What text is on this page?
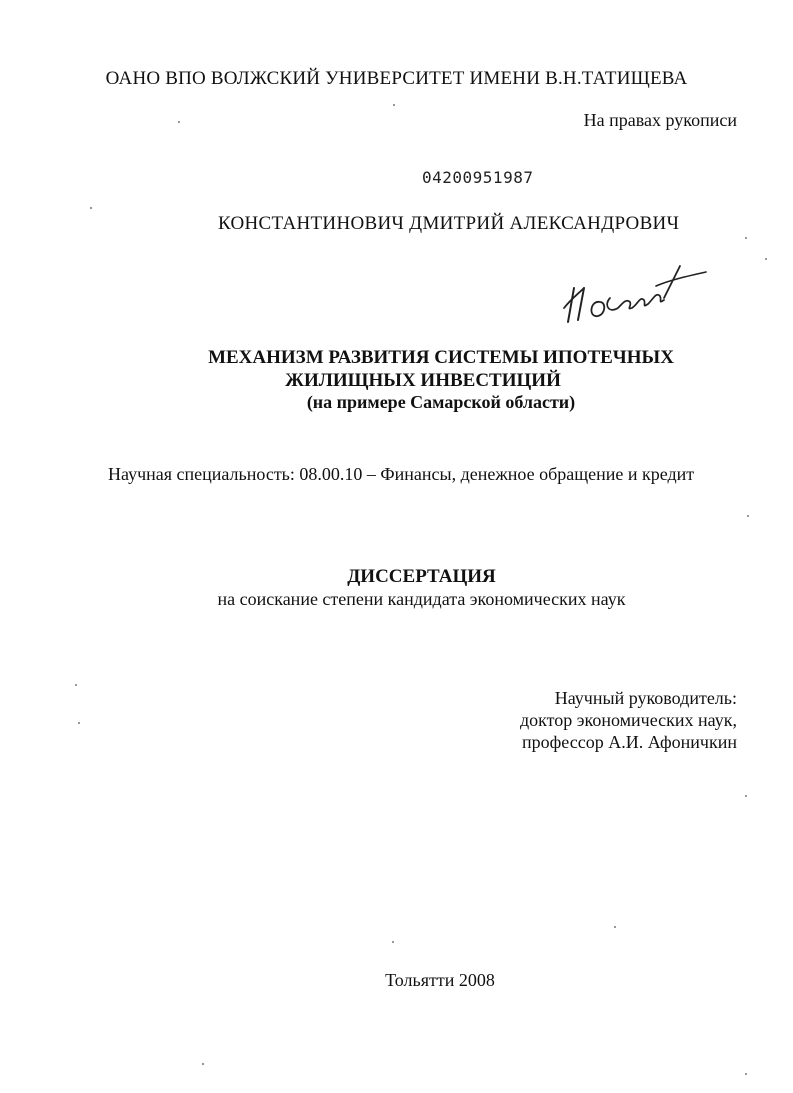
ОАНО ВПО ВОЛЖСКИЙ УНИВЕРСИТЕТ ИМЕНИ В.Н.ТАТИЩЕВА
На правах рукописи
04200951987
КОНСТАНТИНОВИЧ ДМИТРИЙ АЛЕКСАНДРОВИЧ
МЕХАНИЗМ РАЗВИТИЯ СИСТЕМЫ ИПОТЕЧНЫХ
ЖИЛИЩНЫХ ИНВЕСТИЦИЙ
(на примере Самарской области)
Научная специальность: 08.00.10 – Финансы, денежное обращение и кредит
ДИССЕРТАЦИЯ
на соискание степени кандидата экономических наук
Научный руководитель:
доктор экономических наук,
профессор А.И. Афоничкин
Тольятти 2008
